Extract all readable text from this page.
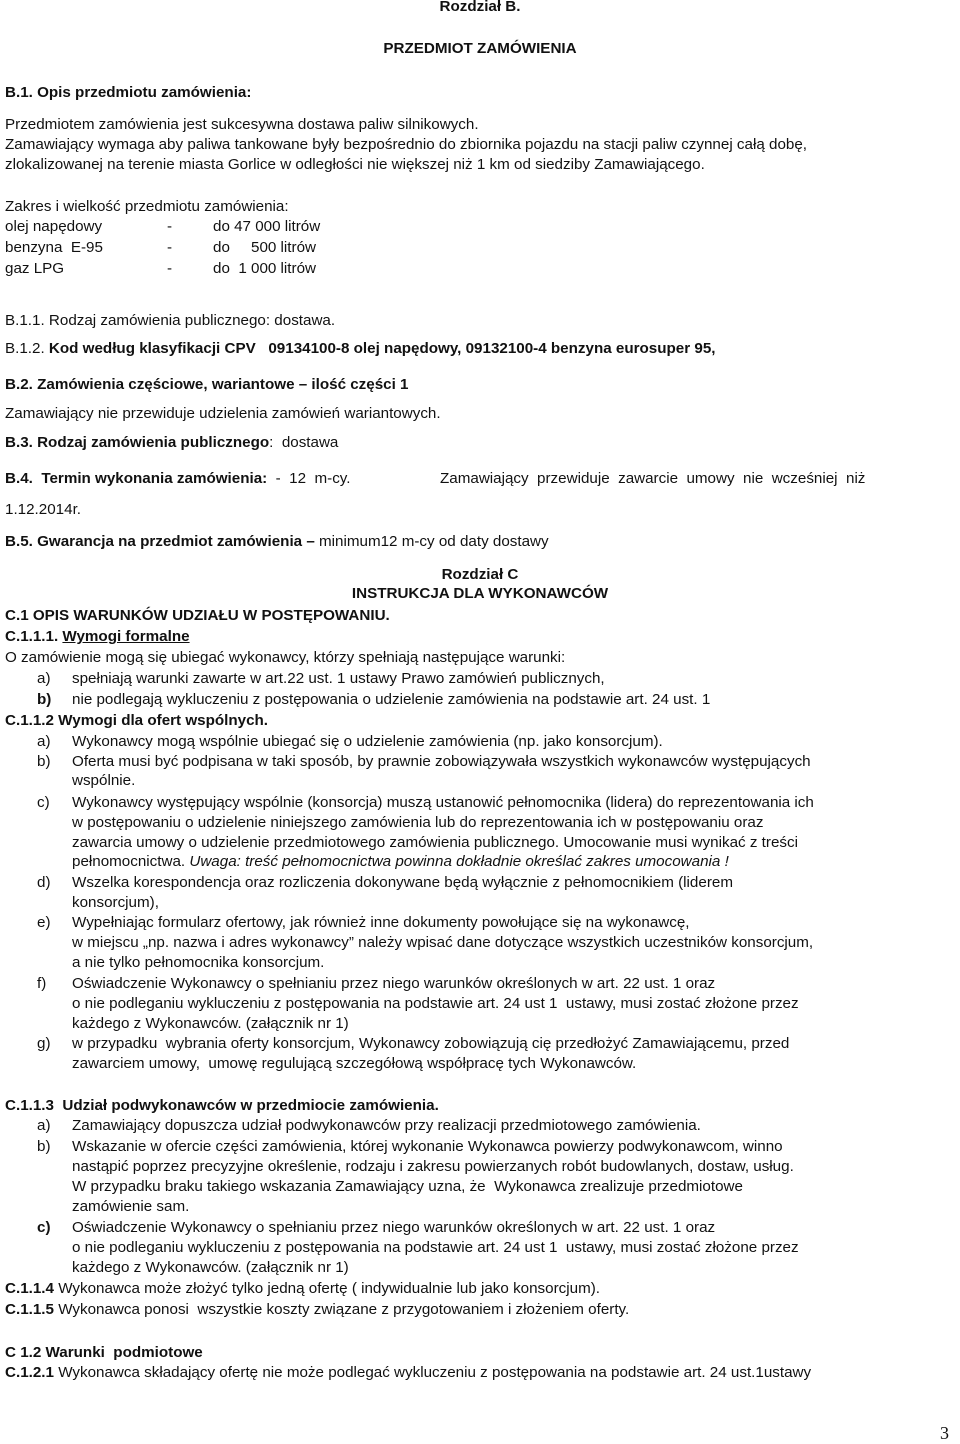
Rozdział B.
PRZEDMIOT ZAMÓWIENIA
B.1. Opis przedmiotu zamówienia:
Przedmiotem zamówienia jest sukcesywna dostawa paliw silnikowych.
Zamawiający wymaga aby paliwa tankowane były bezpośrednio do zbiornika pojazdu na stacji paliw czynnej całą dobę,
zlokalizowanej na terenie miasta Gorlice w odległości nie większej niż 1 km od siedziby Zamawiającego.
Zakres i wielkość przedmiotu zamówienia:
olej napędowy	-	do 47 000 litrów
benzyna  E-95	-	do     500 litrów
gaz LPG	-	do  1 000 litrów
B.1.1. Rodzaj zamówienia publicznego: dostawa.
B.1.2. Kod według klasyfikacji CPV   09134100-8 olej napędowy, 09132100-4 benzyna eurosuper 95,
B.2. Zamówienia częściowe, wariantowe – ilość części 1
Zamawiający nie przewiduje udzielenia zamówień wariantowych.
B.3. Rodzaj zamówienia publicznego:  dostawa
B.4. Termin wykonania zamówienia: -  12  m-cy.	Zamawiający  przewiduje  zawarcie  umowy  nie  wcześniej  niż
1.12.2014r.
B.5. Gwarancja na przedmiot zamówienia – minimum12 m-cy od daty dostawy
Rozdział C
INSTRUKCJA DLA WYKONAWCÓW
C.1 OPIS WARUNKÓW UDZIAŁU W POSTĘPOWANIU.
C.1.1.1. Wymogi formalne
O zamówienie mogą się ubiegać wykonawcy, którzy spełniają następujące warunki:
a) spełniają warunki zawarte w art.22 ust. 1 ustawy Prawo zamówień publicznych,
b) nie podlegają wykluczeniu z postępowania o udzielenie zamówienia na podstawie art. 24 ust. 1
C.1.1.2 Wymogi dla ofert wspólnych.
a) Wykonawcy mogą wspólnie ubiegać się o udzielenie zamówienia (np. jako konsorcjum).
b) Oferta musi być podpisana w taki sposób, by prawnie zobowiązywała wszystkich wykonawców występujących
wspólnie.
c) Wykonawcy występujący wspólnie (konsorcja) muszą ustanowić pełnomocnika (lidera) do reprezentowania ich
w postępowaniu o udzielenie niniejszego zamówienia lub do reprezentowania ich w postępowaniu oraz
zawarcia umowy o udzielenie przedmiotowego zamówienia publicznego. Umocowanie musi wynikać z treści
pełnomocnictwa. Uwaga: treść pełnomocnictwa powinna dokładnie określać zakres umocowania !
d) Wszelka korespondencja oraz rozliczenia dokonywane będą wyłącznie z pełnomocnikiem (liderem
konsorcjum),
e) Wypełniając formularz ofertowy, jak również inne dokumenty powołujące się na wykonawcę,
w miejscu „np. nazwa i adres wykonawcy” należy wpisać dane dotyczące wszystkich uczestników konsorcjum,
a nie tylko pełnomocnika konsorcjum.
f) Oświadczenie Wykonawcy o spełnianiu przez niego warunków określonych w art. 22 ust. 1 oraz
o nie podleganiu wykluczeniu z postępowania na podstawie art. 24 ust 1  ustawy, musi zostać złożone przez
każdego z Wykonawców. (załącznik nr 1)
g) w przypadku  wybrania oferty konsorcjum, Wykonawcy zobowiązują cię przedłożyć Zamawiającemu, przed
zawarciem umowy,  umowę regulującą szczegółową współpracę tych Wykonawców.
C.1.1.3  Udział podwykonawców w przedmiocie zamówienia.
a) Zamawiający dopuszcza udział podwykonawców przy realizacji przedmiotowego zamówienia.
b) Wskazanie w ofercie części zamówienia, której wykonanie Wykonawca powierzy podwykonawcom, winno
nastąpić poprzez precyzyjne określenie, rodzaju i zakresu powierzanych robót budowlanych, dostaw, usług.
W przypadku braku takiego wskazania Zamawiający uzna, że  Wykonawca zrealizuje przedmiotowe
zamówienie sam.
c) Oświadczenie Wykonawcy o spełnianiu przez niego warunków określonych w art. 22 ust. 1 oraz
o nie podleganiu wykluczeniu z postępowania na podstawie art. 24 ust 1  ustawy, musi zostać złożone przez
każdego z Wykonawców. (załącznik nr 1)
C.1.1.4 Wykonawca może złożyć tylko jedną ofertę ( indywidualnie lub jako konsorcjum).
C.1.1.5 Wykonawca ponosi  wszystkie koszty związane z przygotowaniem i złożeniem oferty.
C 1.2 Warunki  podmiotowe
C.1.2.1 Wykonawca składający ofertę nie może podlegać wykluczeniu z postępowania na podstawie art. 24 ust.1ustawy
3
